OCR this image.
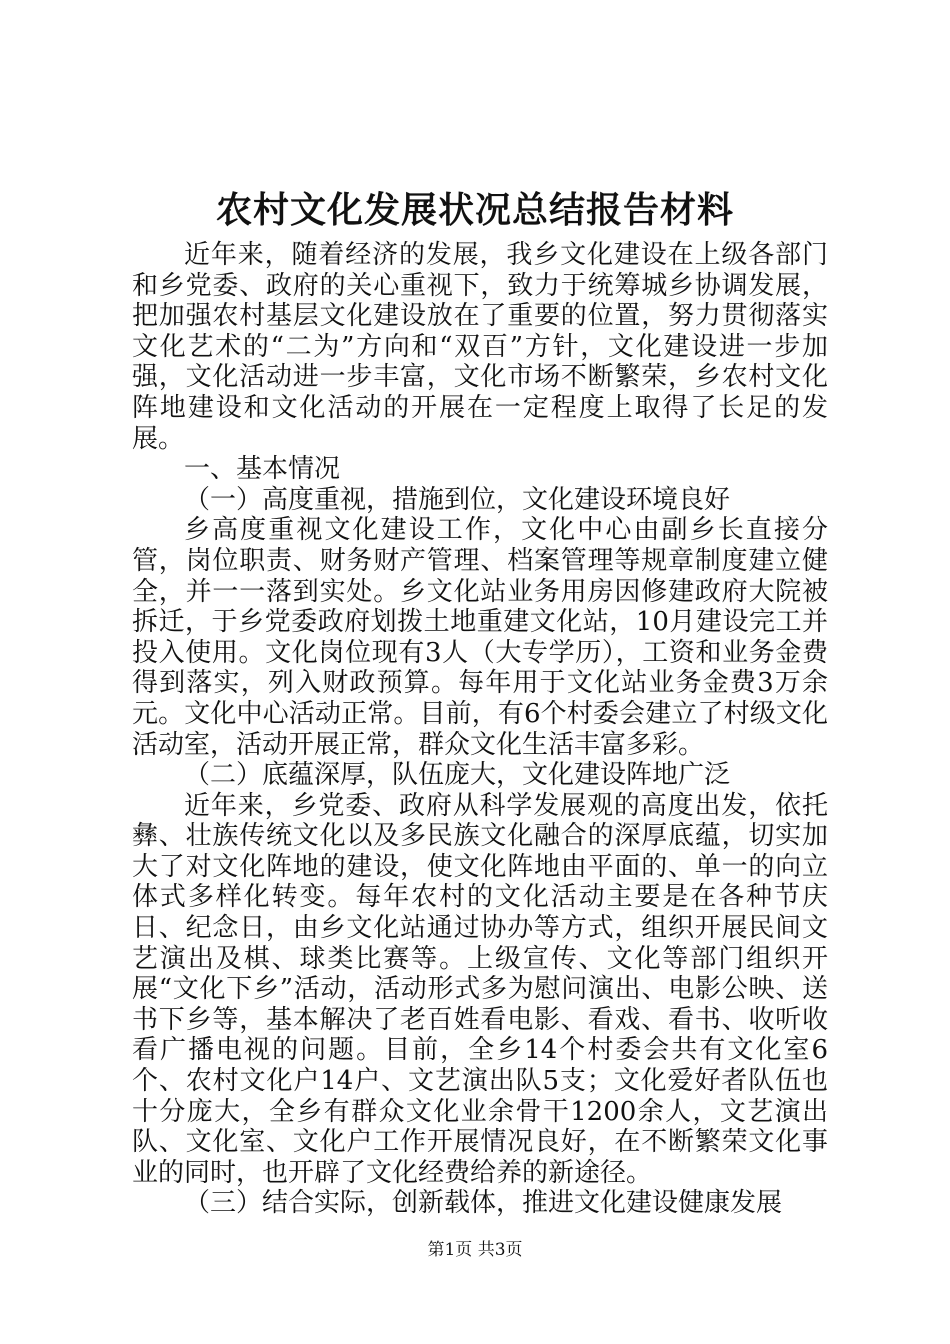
农村文化发展状况总结报告材料

近年来，随着经济的发展，我乡文化建设在上级各部门和乡党委、政府的关心重视下，致力于统筹城乡协调发展，把加强农村基层文化建设放在了重要的位置，努力贯彻落实文化艺术的“二为”方向和“双百”方针，文化建设进一步加强，文化活动进一步丰富，文化市场不断繁荣，乡农村文化阵地建设和文化活动的开展在一定程度上取得了长足的发展。

一、基本情况

（一）高度重视，措施到位，文化建设环境良好

乡高度重视文化建设工作，文化中心由副乡长直接分管，岗位职责、财务财产管理、档案管理等规章制度建立健全，并一一落到实处。乡文化站业务用房因修建政府大院被拆迁，于乡党委政府划拨土地重建文化站，10月建设完工并投入使用。文化岗位现有3人（大专学历），工资和业务金费得到落实，列入财政预算。每年用于文化站业务金费3万余元。文化中心活动正常。目前，有6个村委会建立了村级文化活动室，活动开展正常，群众文化生活丰富多彩。

（二）底蕴深厚，队伍庞大，文化建设阵地广泛

近年来，乡党委、政府从科学发展观的高度出发，依托彝、壮族传统文化以及多民族文化融合的深厚底蕴，切实加大了对文化阵地的建设，使文化阵地由平面的、单一的向立体式多样化转变。每年农村的文化活动主要是在各种节庆日、纪念日，由乡文化站通过协办等方式，组织开展民间文艺演出及棋、球类比赛等。上级宣传、文化等部门组织开展“文化下乡”活动，活动形式多为慰问演出、电影公映、送书下乡等，基本解决了老百姓看电影、看戏、看书、收听收看广播电视的问题。目前，全乡14个村委会共有文化室6个、农村文化户14户、文艺演出队5支；文化爱好者队伍也十分庞大，全乡有群众文化业余骨干1200余人，文艺演出队、文化室、文化户工作开展情况良好，在不断繁荣文化事业的同时，也开辟了文化经费给养的新途径。

（三）结合实际，创新载体，推进文化建设健康发展

第1页 共3页
